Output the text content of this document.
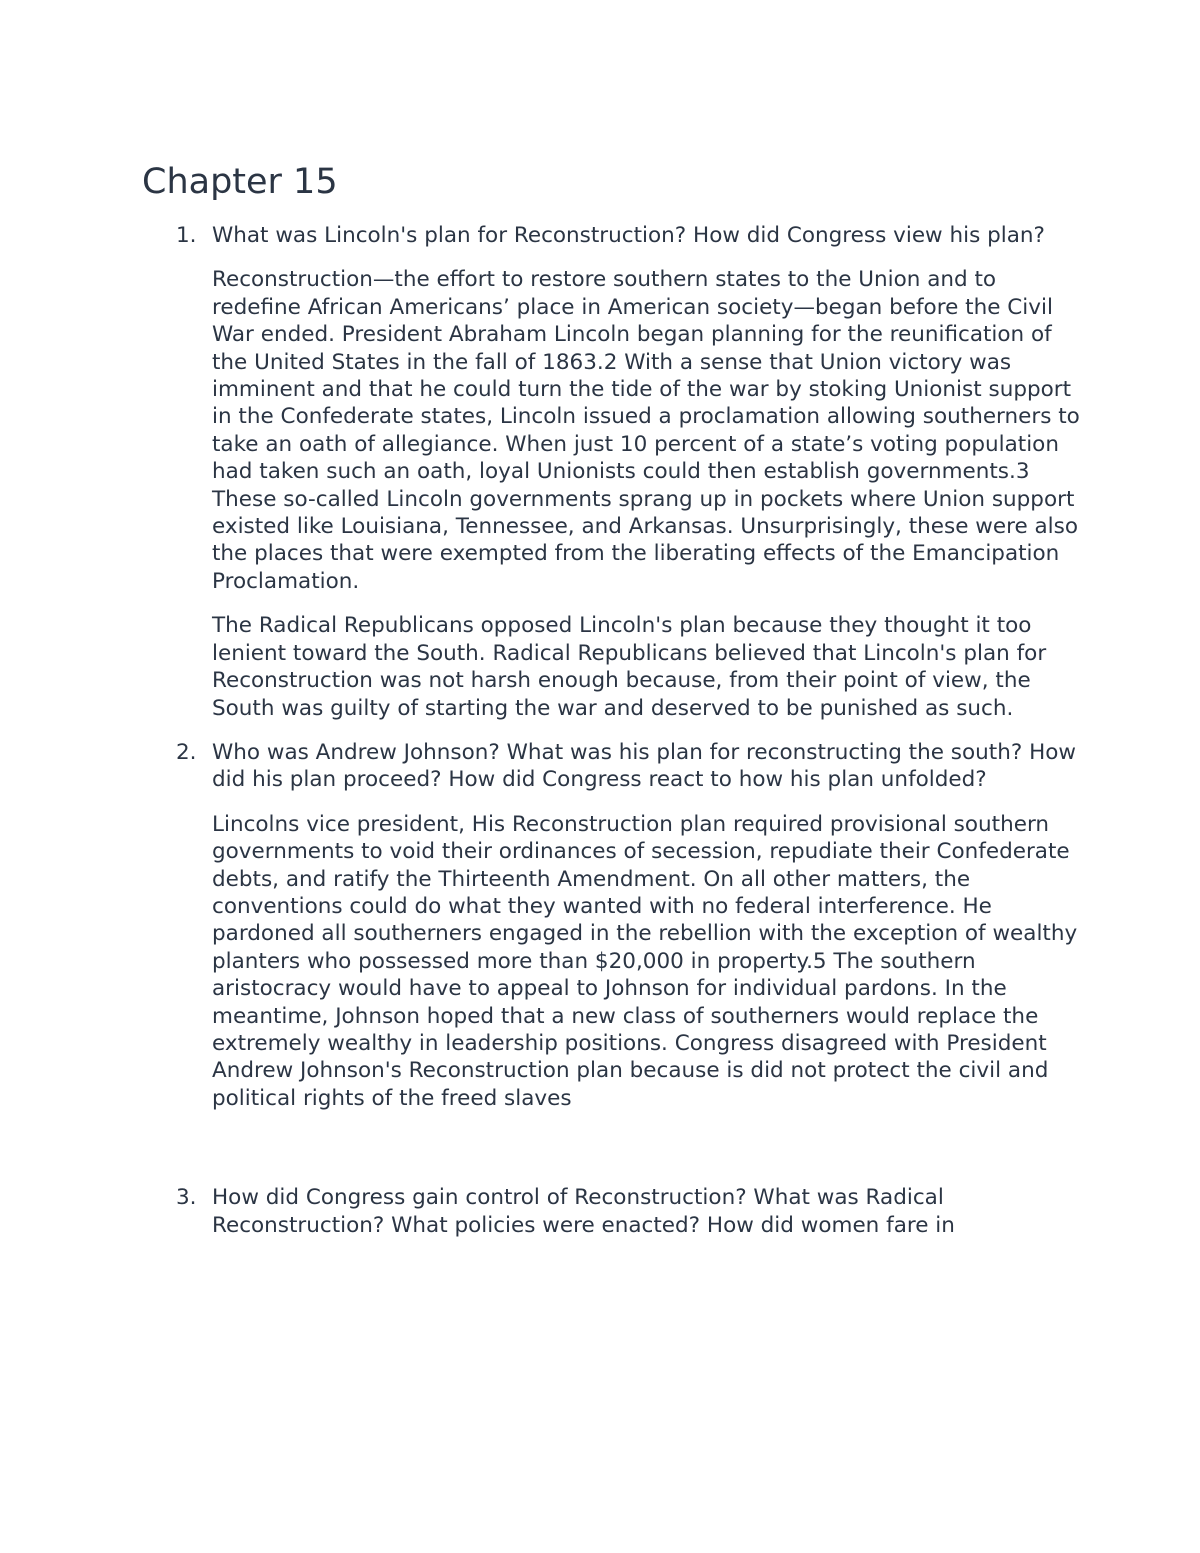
Chapter 15
1. What was Lincoln's plan for Reconstruction? How did Congress view his plan?
Reconstruction—the effort to restore southern states to the Union and to redefine African Americans’ place in American society—began before the Civil War ended. President Abraham Lincoln began planning for the reunification of the United States in the fall of 1863.2 With a sense that Union victory was imminent and that he could turn the tide of the war by stoking Unionist support in the Confederate states, Lincoln issued a proclamation allowing southerners to take an oath of allegiance. When just 10 percent of a state’s voting population had taken such an oath, loyal Unionists could then establish governments.3 These so-called Lincoln governments sprang up in pockets where Union support existed like Louisiana, Tennessee, and Arkansas. Unsurprisingly, these were also the places that were exempted from the liberating effects of the Emancipation Proclamation.
The Radical Republicans opposed Lincoln's plan because they thought it too lenient toward the South. Radical Republicans believed that Lincoln's plan for Reconstruction was not harsh enough because, from their point of view, the South was guilty of starting the war and deserved to be punished as such.
2. Who was Andrew Johnson? What was his plan for reconstructing the south? How did his plan proceed? How did Congress react to how his plan unfolded?
Lincolns vice president, His Reconstruction plan required provisional southern governments to void their ordinances of secession, repudiate their Confederate debts, and ratify the Thirteenth Amendment. On all other matters, the conventions could do what they wanted with no federal interference. He pardoned all southerners engaged in the rebellion with the exception of wealthy planters who possessed more than $20,000 in property.5 The southern aristocracy would have to appeal to Johnson for individual pardons. In the meantime, Johnson hoped that a new class of southerners would replace the extremely wealthy in leadership positions. Congress disagreed with President Andrew Johnson's Reconstruction plan because is did not protect the civil and political rights of the freed slaves
3. How did Congress gain control of Reconstruction? What was Radical Reconstruction? What policies were enacted? How did women fare in
